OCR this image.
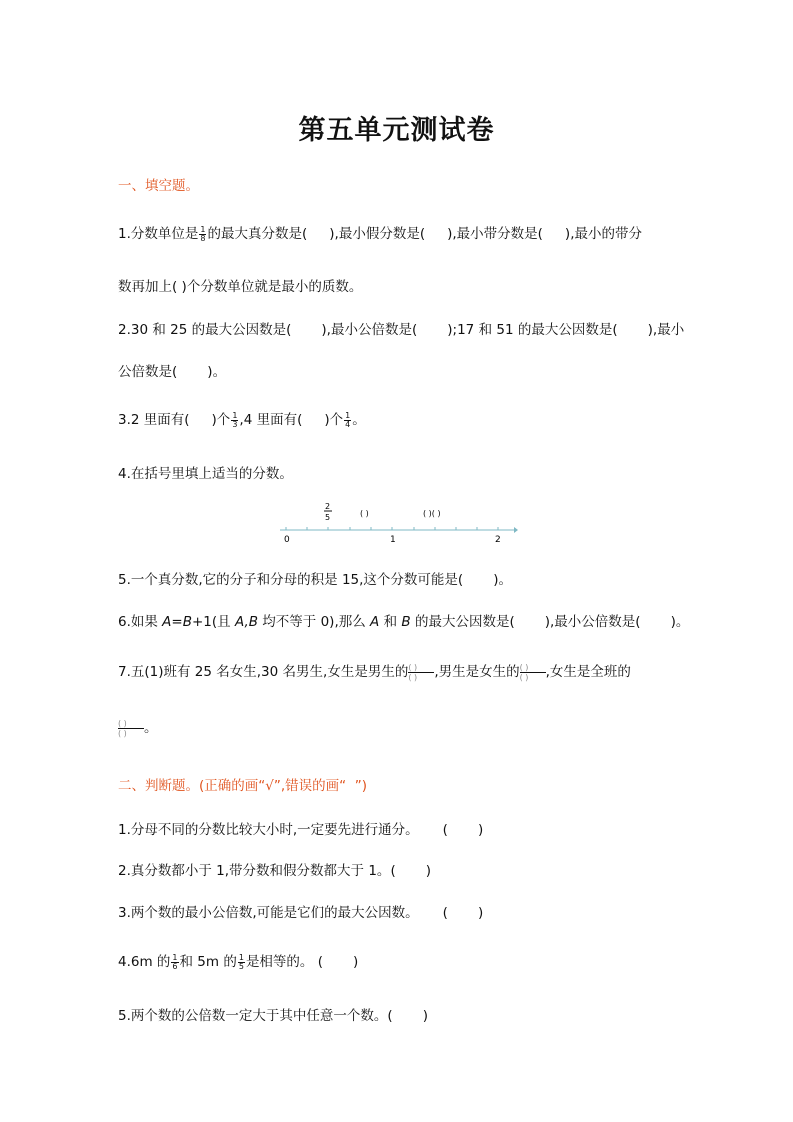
第五单元测试卷
一、填空题。
1.分数单位是 $\frac{1}{8}$ 的最大真分数是( ),最小假分数是( ),最小带分数是( ),最小的带分
数再加上( )个分数单位就是最小的质数。
2.30 和 25 的最大公因数是(       ),最小公倍数是(       );17 和 51 的最大公因数是(       ),最小
公倍数是(       )。
3.2 里面有( )个 $\frac{1}{3} ,4$ 里面有( )个 $\frac{1}{4}$ 。
4.在括号里填上适当的分数。
0	1	2
2
5	( )	( )( )
5.一个真分数,它的分子和分母的积是 15,这个分数可能是(       )。
6.如果 A=B+1(且 A,B 均不等于 0),那么 A 和 B 的最大公因数是(       ),最小公倍数是(       )。
7.五(1)班有 25 名女生,30 名男生,女生是男生的 ( )
( ) ,男生是女生的 ( )
( ) ,女生是全班的
( )
( ) 。
二、判断题。(正确的画“√”,错误的画“  ”)
1.分母不同的分数比较大小时,一定要先进行通分。 (       )
2.真分数都小于 1,带分数和假分数都大于 1。(       )
3.两个数的最小公倍数,可能是它们的最大公因数。 (       )
4.6m 的 $\frac{1}{6}$ 和 5m 的 $\frac{1}{5}$ 是相等的。 (       )
5.两个数的公倍数一定大于其中任意一个数。(       )
